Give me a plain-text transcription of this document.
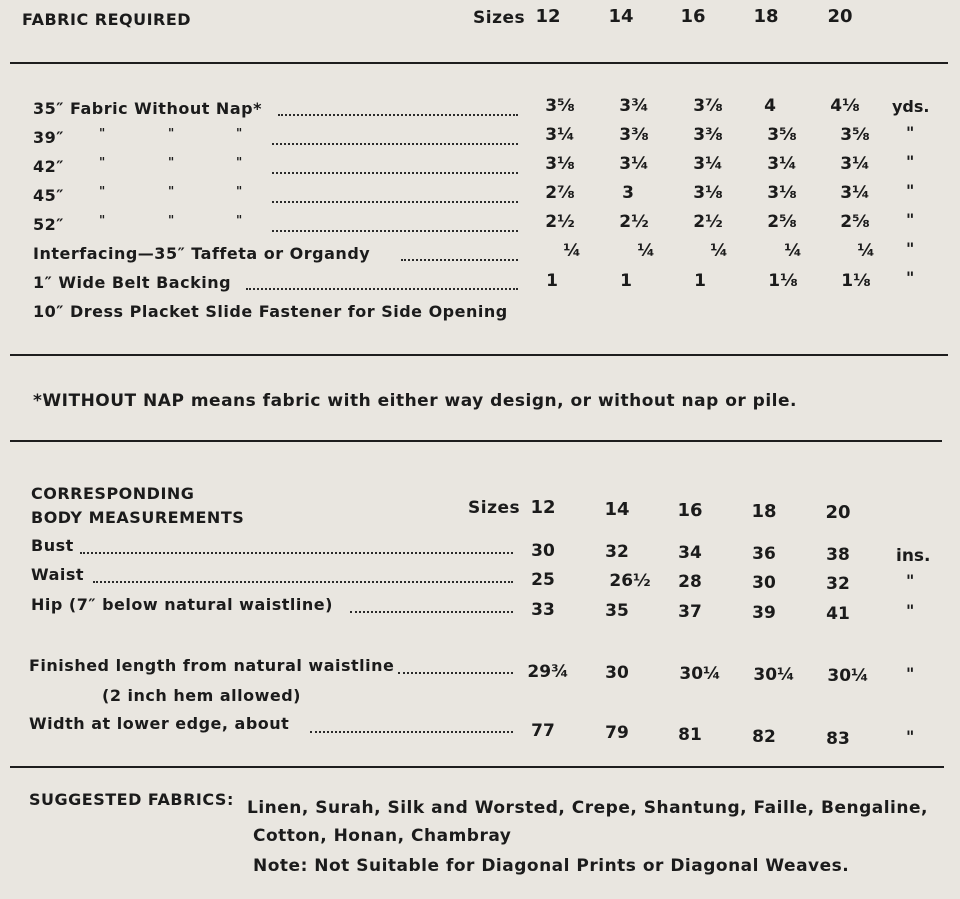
FABRIC REQUIRED	Sizes 12	14	16	18	20
35″ Fabric Without Nap*	3⅝	3¾	3⅞	4	4⅛	yds.
39″	"	"	"	3¼	3⅜	3⅜	3⅝	3⅝	"
42″	"	"	"	3⅛	3¼	3¼	3¼	3¼	"
45″	"	"	"	2⅞	3	3⅛	3⅛	3¼	"
52″	"	"	"	2½	2½	2½	2⅝	2⅝	"
Interfacing—35″ Taffeta or Organdy	¼	¼	¼	¼	¼	"
1″ Wide Belt Backing	1	1	1	1⅛	1⅛	"
10″ Dress Placket Slide Fastener for Side Opening
*WITHOUT NAP means fabric with either way design, or without nap or pile.
CORRESPONDING
BODY MEASUREMENTS	Sizes 12	14	16	18	20
Bust	30	32	34	36	38	ins.
Waist	25	26½	28	30	32	"
Hip (7″ below natural waistline)	33	35	37	39	41	"
Finished length from natural waistline	29¾	30	30¼	30¼	30¼	"
(2 inch hem allowed)
Width at lower edge, about	77	79	81	82	83	"
SUGGESTED FABRICS: Linen, Surah, Silk and Worsted, Crepe, Shantung, Faille, Bengaline,
Cotton, Honan, Chambray
Note: Not Suitable for Diagonal Prints or Diagonal Weaves.
